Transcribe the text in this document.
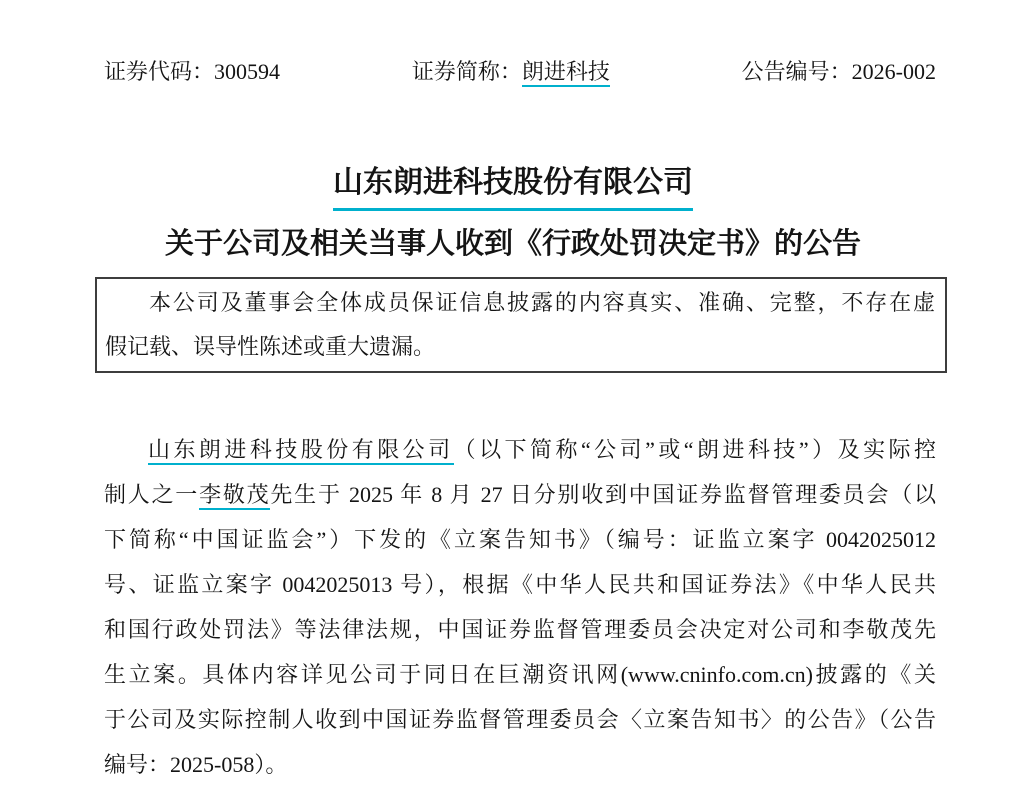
证券代码：300594	证券简称：朗进科技	公告编号：2026-002
山东朗进科技股份有限公司
关于公司及相关当事人收到《行政处罚决定书》的公告
本公司及董事会全体成员保证信息披露的内容真实、准确、完整，不存在虚
假记载、误导性陈述或重大遗漏。
山东朗进科技股份有限公司（以下简称“公司”或“朗进科技”）及实际控
制人之一李敬茂先生于 2025 年 8 月 27 日分别收到中国证券监督管理委员会（以
下简称“中国证监会”）下发的《立案告知书》（编号：证监立案字 0042025012
号、证监立案字 0042025013 号），根据《中华人民共和国证券法》《中华人民共
和国行政处罚法》等法律法规，中国证券监督管理委员会决定对公司和李敬茂先
生立案。具体内容详见公司于同日在巨潮资讯网(www.cninfo.com.cn)披露的《关
于公司及实际控制人收到中国证券监督管理委员会〈立案告知书〉的公告》（公告
编号：2025-058）。
